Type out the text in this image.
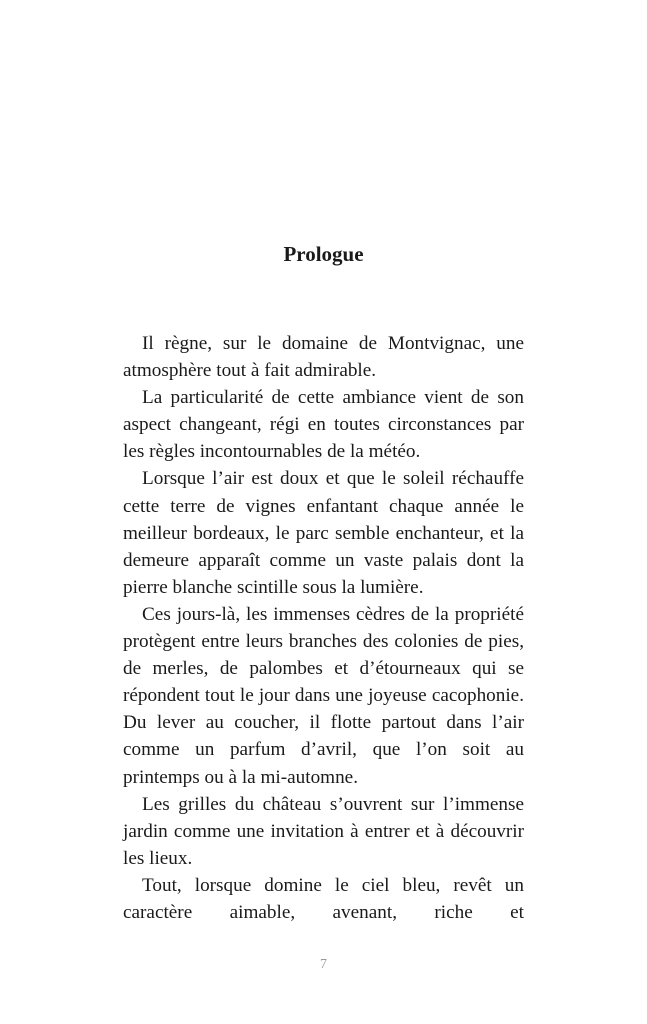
Prologue

Il règne, sur le domaine de Montvignac, une atmosphère tout à fait admirable.

La particularité de cette ambiance vient de son aspect changeant, régi en toutes circonstances par les règles incontournables de la météo.

Lorsque l’air est doux et que le soleil réchauffe cette terre de vignes enfantant chaque année le meilleur bordeaux, le parc semble enchanteur, et la demeure apparaît comme un vaste palais dont la pierre blanche scintille sous la lumière.

Ces jours-là, les immenses cèdres de la propriété protègent entre leurs branches des colonies de pies, de merles, de palombes et d’étourneaux qui se répondent tout le jour dans une joyeuse cacophonie. Du lever au coucher, il flotte partout dans l’air comme un parfum d’avril, que l’on soit au printemps ou à la mi-automne.

Les grilles du château s’ouvrent sur l’immense jardin comme une invitation à entrer et à découvrir les lieux.

Tout, lorsque domine le ciel bleu, revêt un caractère aimable, avenant, riche et

7
